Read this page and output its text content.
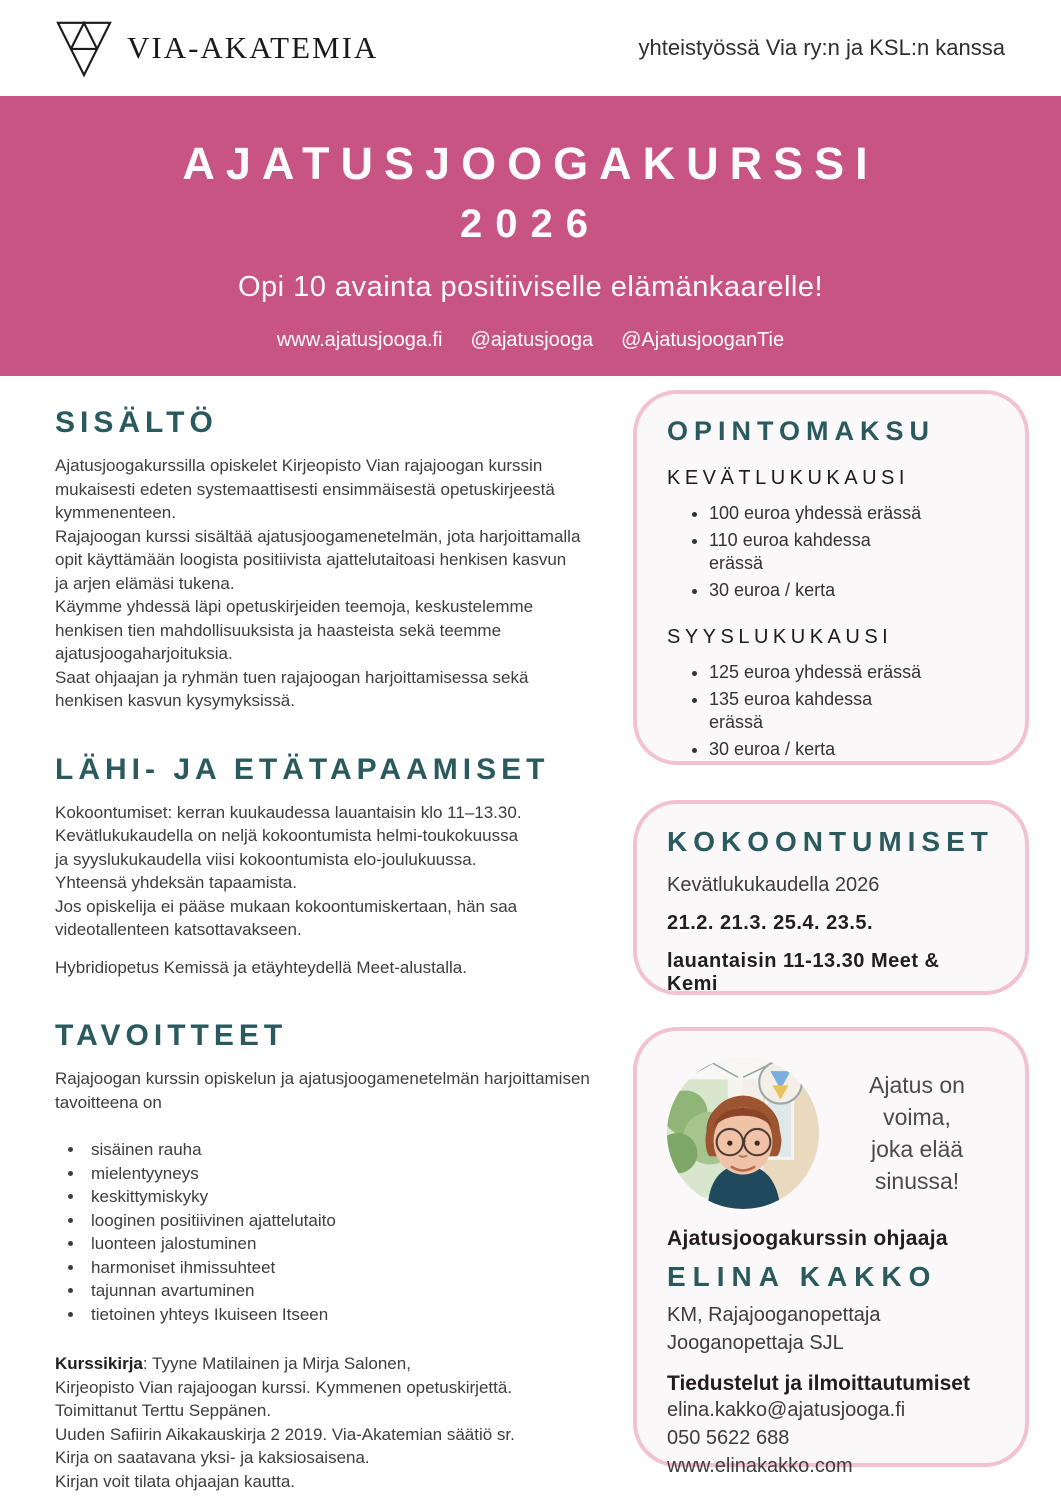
VIA-AKATEMIA	yhteistyössä Via ry:n ja KSL:n kanssa
AJATUSJOOGAKURSSI
2026
Opi 10 avainta positiiviselle elämänkaarelle!
www.ajatusjooga.fi @ajatusjooga @AjatusjooganTie
SISÄLTÖ
Ajatusjoogakurssilla opiskelet Kirjeopisto Vian rajajoogan kurssin
mukaisesti edeten systemaattisesti ensimmäisestä opetuskirjeestä
kymmenenteen.
Rajajoogan kurssi sisältää ajatusjoogamenetelmän, jota harjoittamalla
opit käyttämään loogista positiivista ajattelutaitoasi henkisen kasvun
ja arjen elämäsi tukena.
Käymme yhdessä läpi opetuskirjeiden teemoja, keskustelemme
henkisen tien mahdollisuuksista ja haasteista sekä teemme
ajatusjoogaharjoituksia.
Saat ohjaajan ja ryhmän tuen rajajoogan harjoittamisessa sekä
henkisen kasvun kysymyksissä.
LÄHI- JA ETÄTAPAAMISET
Kokoontumiset: kerran kuukaudessa lauantaisin klo 11–13.30.
Kevätlukukaudella on neljä kokoontumista helmi-toukokuussa
ja syyslukukaudella viisi kokoontumista elo-joulukuussa.
Yhteensä yhdeksän tapaamista.
Jos opiskelija ei pääse mukaan kokoontumiskertaan, hän saa
videotallenteen katsottavakseen.
Hybridiopetus Kemissä ja etäyhteydellä Meet-alustalla.
TAVOITTEET
Rajajoogan kurssin opiskelun ja ajatusjoogamenetelmän harjoittamisen tavoitteena on
• sisäinen rauha
• mielentyyneys
• keskittymiskyky
• looginen positiivinen ajattelutaito
• luonteen jalostuminen
• harmoniset ihmissuhteet
• tajunnan avartuminen
• tietoinen yhteys Ikuiseen Itseen
Kurssikirja: Tyyne Matilainen ja Mirja Salonen,
Kirjeopisto Vian rajajoogan kurssi. Kymmenen opetuskirjettä.
Toimittanut Terttu Seppänen.
Uuden Safiirin Aikakauskirja 2 2019. Via-Akatemian säätiö sr.
Kirja on saatavana yksi- ja kaksiosaisena.
Kirjan voit tilata ohjaajan kautta.
OPINTOMAKSU
KEVÄTLUKUKAUSI
• 100 euroa yhdessä erässä
• 110 euroa kahdessa erässä
• 30 euroa / kerta
SYYSLUKUKAUSI
• 125 euroa yhdessä erässä
• 135 euroa kahdessa erässä
• 30 euroa / kerta
KOKOONTUMISET
Kevätlukukaudella 2026
21.2. 21.3. 25.4. 23.5.
lauantaisin 11-13.30 Meet & Kemi
Ajatus on voima,
joka elää sinussa!
Ajatusjoogakurssin ohjaaja
ELINA KAKKO
KM, Rajajooganopettaja
Jooganopettaja SJL
Tiedustelut ja ilmoittautumiset
elina.kakko@ajatusjooga.fi
050 5622 688
www.elinakakko.com
